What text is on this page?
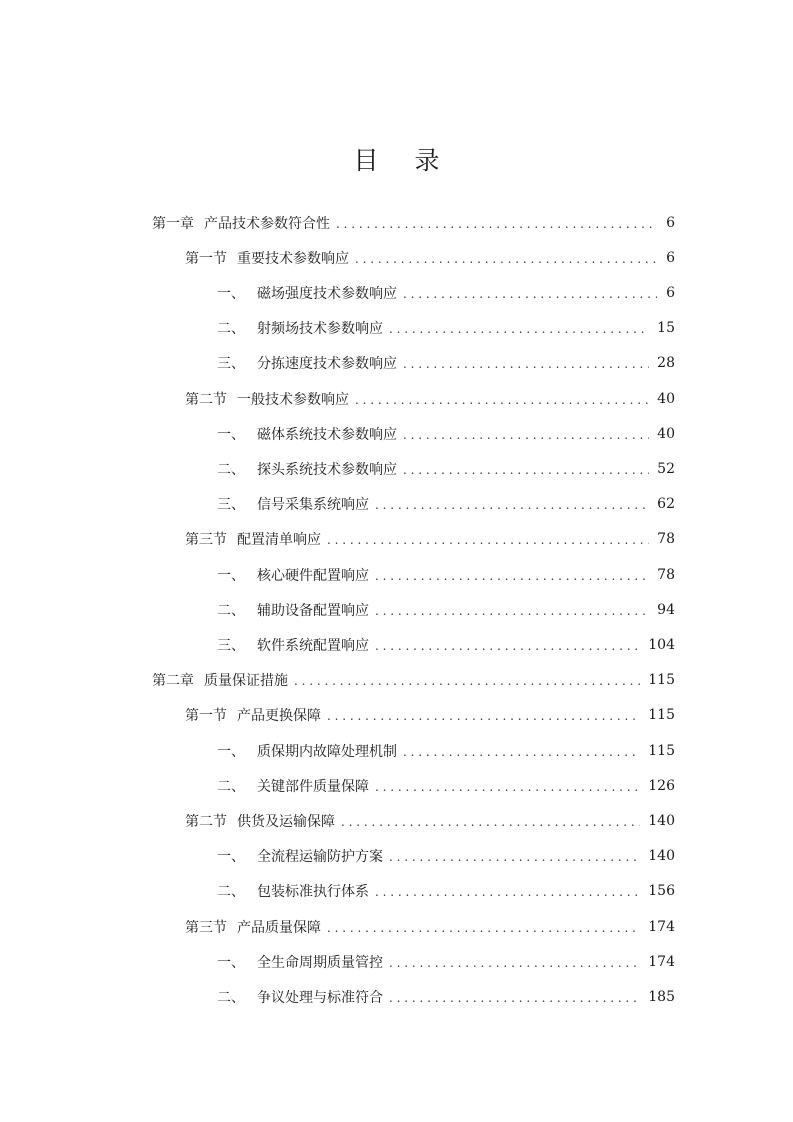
目 录
第一章 产品技术参数符合性 . . .	6
第一节 重要技术参数响应 . . .	6
一、 磁场强度技术参数响应 . . .	6
二、 射频场技术参数响应 . . .	15
三、 分拣速度技术参数响应 . . .	28
第二节 一般技术参数响应 . . .	40
一、 磁体系统技术参数响应 . . .	40
二、 探头系统技术参数响应 . . .	52
三、 信号采集系统响应 . . .	62
第三节 配置清单响应 . . .	78
一、 核心硬件配置响应 . . .	78
二、 辅助设备配置响应 . . .	94
三、 软件系统配置响应 . . .	104
第二章 质量保证措施 . . .	115
第一节 产品更换保障 . . .	115
一、 质保期内故障处理机制 . . .	115
二、 关键部件质量保障 . . .	126
第二节 供货及运输保障 . . .	140
一、 全流程运输防护方案 . . .	140
二、 包装标准执行体系 . . .	156
第三节 产品质量保障 . . .	174
一、 全生命周期质量管控 . . .	174
二、 争议处理与标准符合 . . .	185
